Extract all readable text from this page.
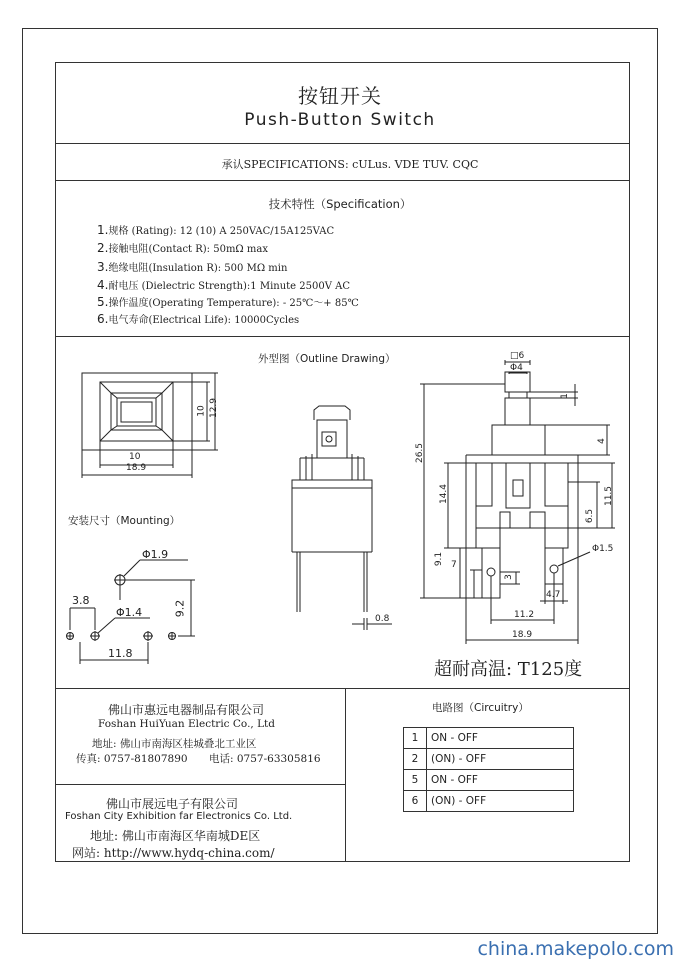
按钮开关
Push-Button Switch
承认SPECIFICATIONS: cULus. VDE TUV. CQC
技术特性（Specification）
1.规格 (Rating): 12 (10) A 250VAC/15A125VAC
2.接触电阻(Contact R): 50mΩ max
3.绝缘电阻(Insulation R): 500 MΩ min
4.耐电压 (Dielectric Strength):1 Minute 2500V AC
5.操作温度(Operating Temperature): - 25℃～+ 85℃
6.电气寿命(Electrical Life): 10000Cycles
外型图（Outline Drawing）
安装尺寸（Mounting）
10
18.9
10 12.9
0.8
□6
Φ4
1
4
26.5
14.4	11.5
6.5
9.1 7
3
Φ1.5
4.7
11.2
18.9
Φ1.9
3.8
Φ1.4	9.2
11.8
超耐高温: T125度
佛山市惠远电器制品有限公司
Foshan HuiYuan Electric Co., Ltd
地址: 佛山市南海区桂城叠北工业区
传真: 0757-81807890 电话: 0757-63305816
佛山市展远电子有限公司
Foshan City Exhibition far Electronics Co. Ltd.
地址: 佛山市南海区华南城DE区
网站: http://www.hydq-china.com/
电路图（Circuitry）
1	ON - OFF
2	(ON) - OFF
5	ON - OFF
6	(ON) - OFF
china.makepolo.com
